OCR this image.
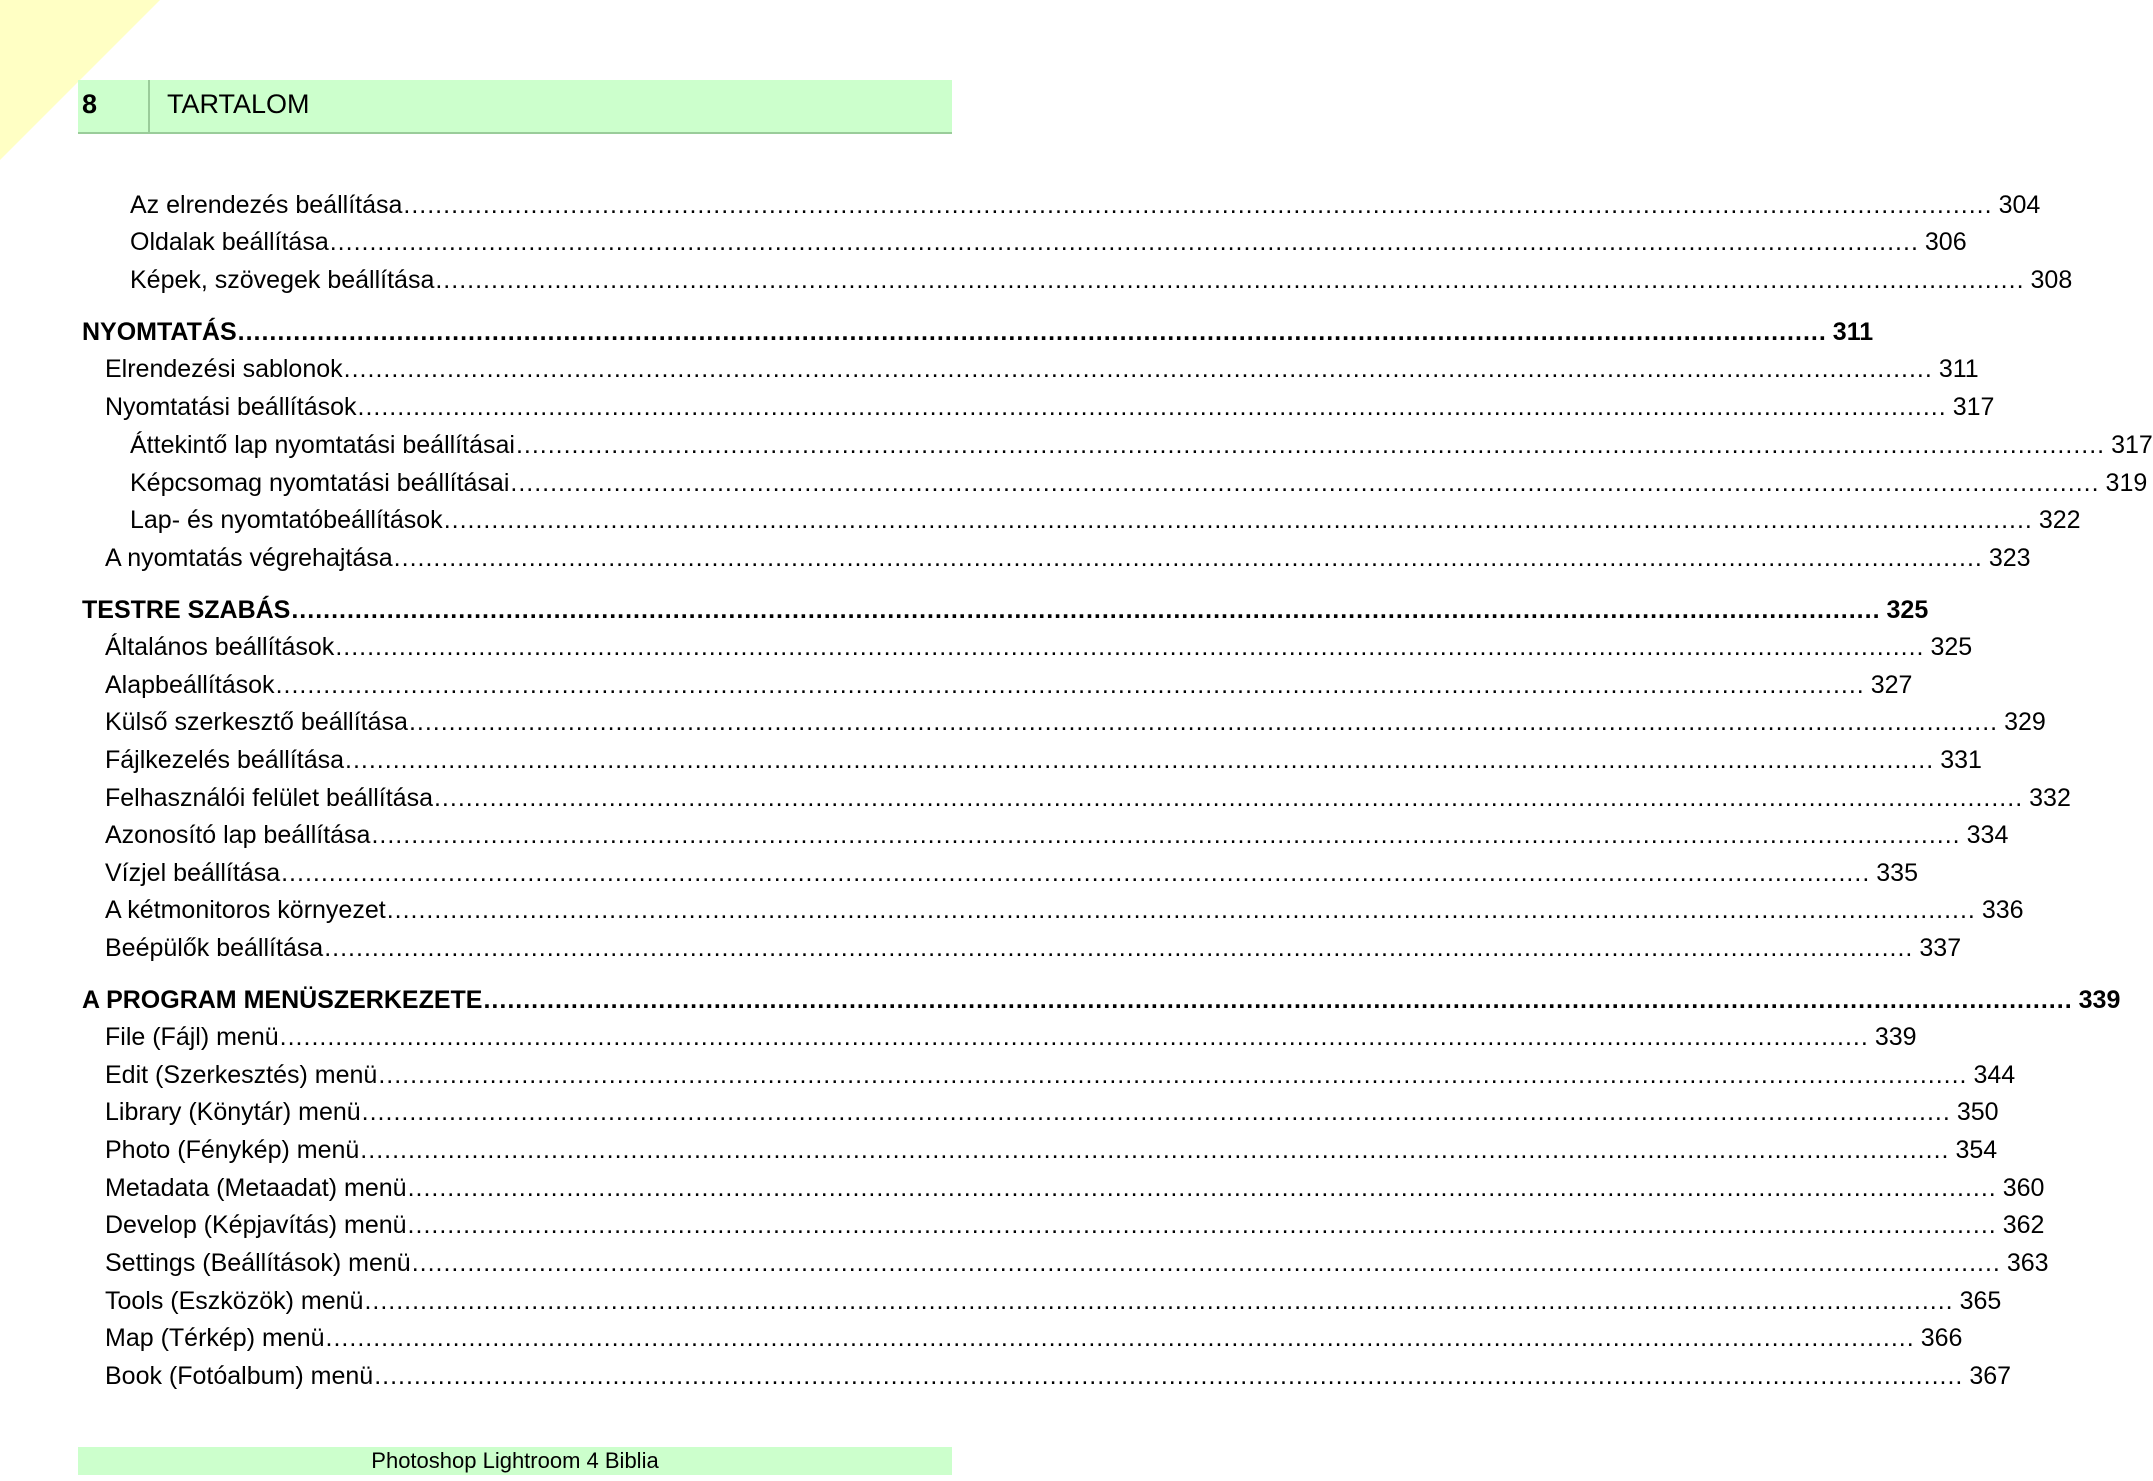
8	TARTALOM
Az elrendezés beállítása ........................................................................................................................................................................................................ 304
Oldalak beállítása ........................................................................................................................................................................................................ 306
Képek, szövegek beállítása ........................................................................................................................................................................................................ 308
NYOMTATÁS ........................................................................................................................................................................................................ 311
Elrendezési sablonok ........................................................................................................................................................................................................ 311
Nyomtatási beállítások ........................................................................................................................................................................................................ 317
Áttekintő lap nyomtatási beállításai ........................................................................................................................................................................................................ 317
Képcsomag nyomtatási beállításai ........................................................................................................................................................................................................ 319
Lap- és nyomtatóbeállítások ........................................................................................................................................................................................................ 322
A nyomtatás végrehajtása ........................................................................................................................................................................................................ 323
TESTRE SZABÁS ........................................................................................................................................................................................................ 325
Általános beállítások ........................................................................................................................................................................................................ 325
Alapbeállítások ........................................................................................................................................................................................................ 327
Külső szerkesztő beállítása ........................................................................................................................................................................................................ 329
Fájlkezelés beállítása ........................................................................................................................................................................................................ 331
Felhasználói felület beállítása ........................................................................................................................................................................................................ 332
Azonosító lap beállítása ........................................................................................................................................................................................................ 334
Vízjel beállítása ........................................................................................................................................................................................................ 335
A kétmonitoros környezet ........................................................................................................................................................................................................ 336
Beépülők beállítása ........................................................................................................................................................................................................ 337
A PROGRAM MENÜSZERKEZETE ........................................................................................................................................................................................................ 339
File (Fájl) menü ........................................................................................................................................................................................................ 339
Edit (Szerkesztés) menü ........................................................................................................................................................................................................ 344
Library (Könytár) menü ........................................................................................................................................................................................................ 350
Photo (Fénykép) menü ........................................................................................................................................................................................................ 354
Metadata (Metaadat) menü ........................................................................................................................................................................................................ 360
Develop (Képjavítás) menü ........................................................................................................................................................................................................ 362
Settings (Beállítások) menü ........................................................................................................................................................................................................ 363
Tools (Eszközök) menü ........................................................................................................................................................................................................ 365
Map (Térkép) menü ........................................................................................................................................................................................................ 366
Book (Fotóalbum) menü ........................................................................................................................................................................................................ 367
Photoshop Lightroom 4 Biblia
